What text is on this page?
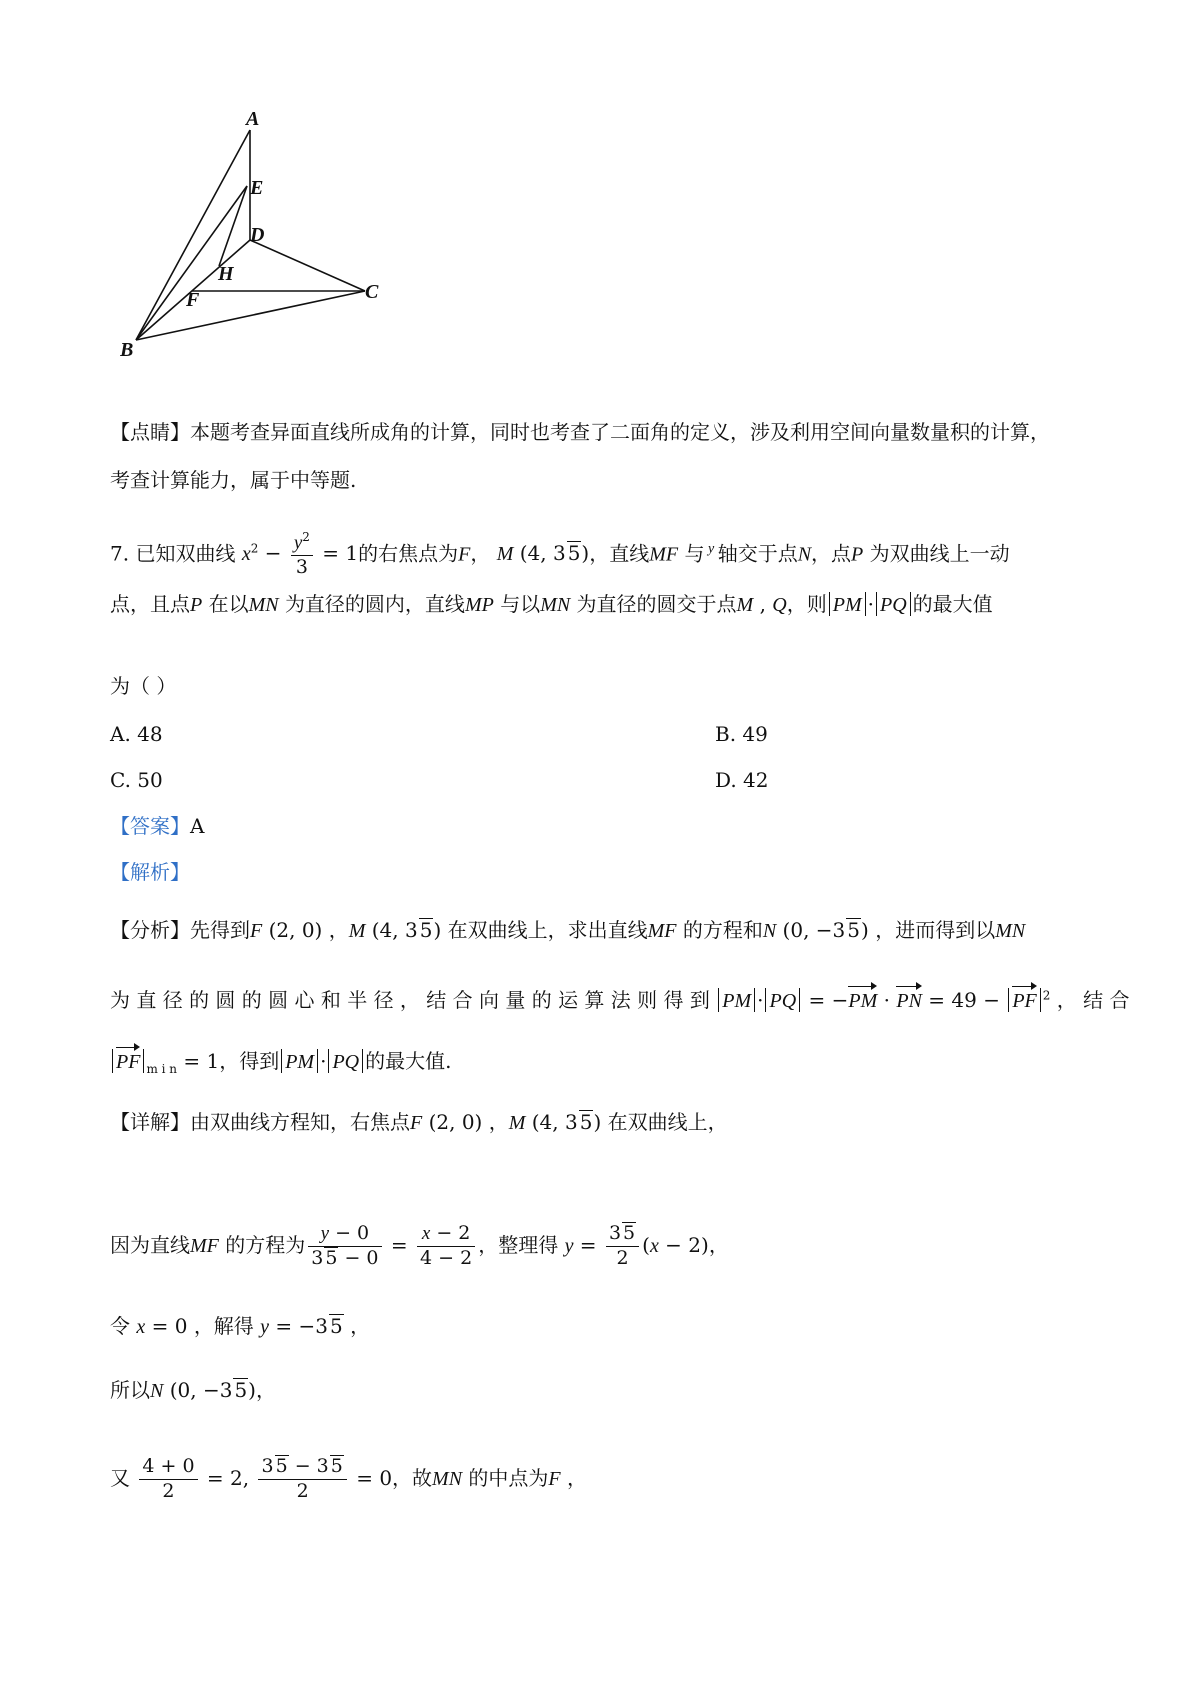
A
E
D
H
F	C
B
【点睛】本题考查异面直线所成角的计算，同时也考查了二面角的定义，涉及利用空间向量数量积的计算，
考查计算能力，属于中等题.
7. 已知双曲线 $x^2 - \frac{y^2}{3} = 1$的右焦点为F， M (4, 3 5)，直线MF 与 $^y$ 轴交于点N，点P 为双曲线上一动
点，且点P 在以MN 为直径的圆内，直线MP 与以MN 为直径的圆交于点M , Q，则 PM · PQ 的最大值
为（ ）
A. 48	B. 49
C. 50	D. 42
【答案】A
【解析】
【分析】先得到F (2, 0) ，M (4, 3 5) 在双曲线上，求出直线MF 的方程和N (0, −3 5) ，进而得到以MN
为 直 径 的 圆 的 圆 心 和 半 径 ， 结 合 向 量 的 运 算 法 则 得 到 PM · PQ = −PM · PN = 49 − PF $^2$ ， 结 合
PF $_{m i n}$ = 1，得到 PM · PQ 的最大值.
【详解】由双曲线方程知，右焦点F (2, 0) ，M (4, 3 5) 在双曲线上，
因为直线MF 的方程为 $\frac{y - 0}{3 5 - 0} = \frac{x - 2}{4 - 2}$ ，整理得 $y = \frac{3 5}{2} (x - 2)$，
令 x = 0 ，解得 y = −3 5 ，
所以N (0, −3 5)，
又 $\frac{4 + 0}{2} = 2$, $\frac{3 5 - 3 5}{2} = 0$，故MN 的中点为F ，
